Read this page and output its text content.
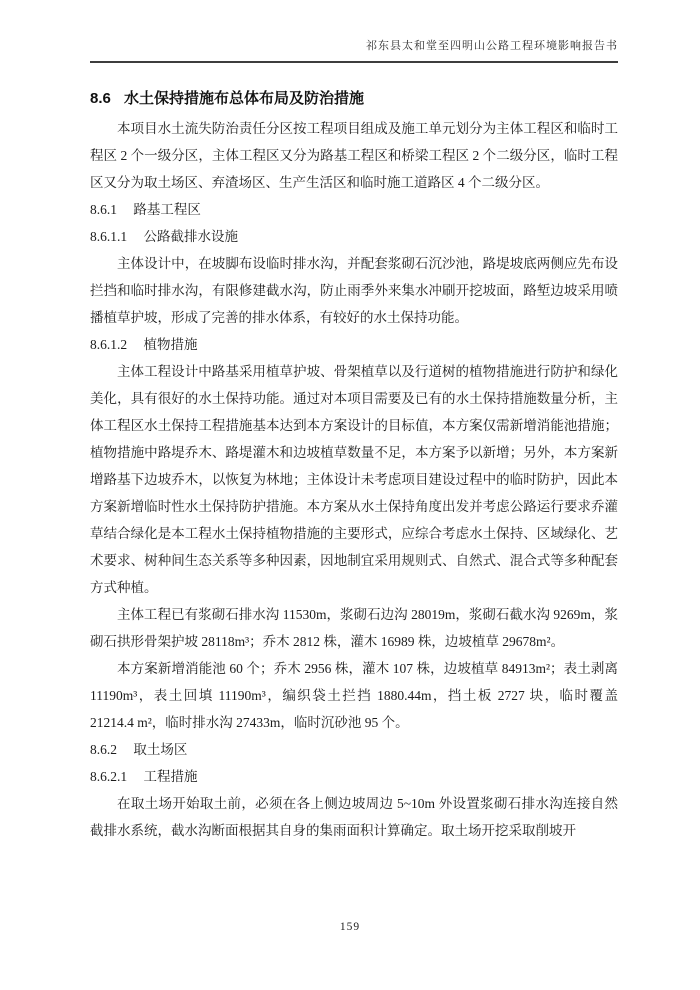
祁东县太和堂至四明山公路工程环境影响报告书
8.6 水土保持措施布总体布局及防治措施

本项目水土流失防治责任分区按工程项目组成及施工单元划分为主体工程区和临时工程区 2 个一级分区，主体工程区又分为路基工程区和桥梁工程区 2 个二级分区，临时工程区又分为取土场区、弃渣场区、生产生活区和临时施工道路区 4 个二级分区。

8.6.1 路基工程区
8.6.1.1 公路截排水设施

主体设计中，在坡脚布设临时排水沟，并配套浆砌石沉沙池，路堤坡底两侧应先布设拦挡和临时排水沟，有限修建截水沟，防止雨季外来集水冲刷开挖坡面，路堑边坡采用喷播植草护坡，形成了完善的排水体系，有较好的水土保持功能。

8.6.1.2 植物措施

主体工程设计中路基采用植草护坡、骨架植草以及行道树的植物措施进行防护和绿化美化，具有很好的水土保持功能。通过对本项目需要及已有的水土保持措施数量分析，主体工程区水土保持工程措施基本达到本方案设计的目标值，本方案仅需新增消能池措施；植物措施中路堤乔木、路堤灌木和边坡植草数量不足，本方案予以新增；另外，本方案新增路基下边坡乔木，以恢复为林地；主体设计未考虑项目建设过程中的临时防护，因此本方案新增临时性水土保持防护措施。本方案从水土保持角度出发并考虑公路运行要求乔灌草结合绿化是本工程水土保持植物措施的主要形式，应综合考虑水土保持、区域绿化、艺术要求、树种间生态关系等多种因素，因地制宜采用规则式、自然式、混合式等多种配套方式种植。

主体工程已有浆砌石排水沟 11530m，浆砌石边沟 28019m，浆砌石截水沟 9269m，浆砌石拱形骨架护坡 28118m³；乔木 2812 株，灌木 16989 株，边坡植草 29678m²。

本方案新增消能池 60 个；乔木 2956 株，灌木 107 株，边坡植草 84913m²；表土剥离 11190m³，表土回填 11190m³，编织袋土拦挡 1880.44m，挡土板 2727 块，临时覆盖 21214.4 m²，临时排水沟 27433m，临时沉砂池 95 个。

8.6.2 取土场区
8.6.2.1 工程措施

在取土场开始取土前，必须在各上侧边坡周边 5~10m 外设置浆砌石排水沟连接自然截排水系统，截水沟断面根据其自身的集雨面积计算确定。取土场开挖采取削坡开

159
